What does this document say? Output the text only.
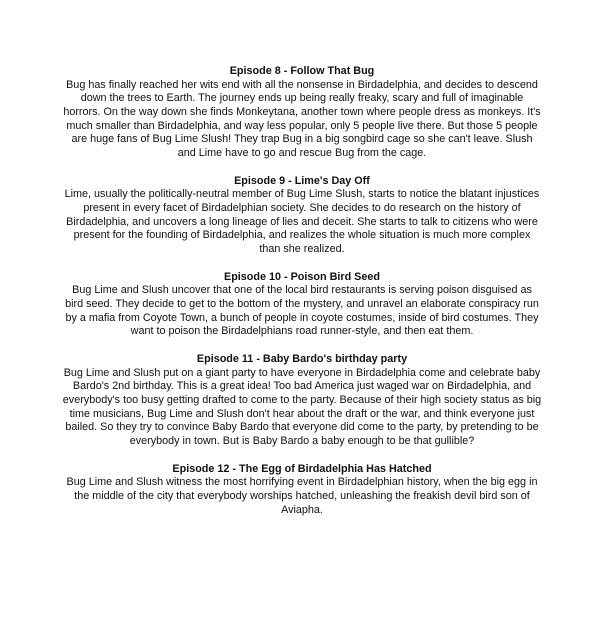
Episode 8 - Follow That Bug

Bug has finally reached her wits end with all the nonsense in Birdadelphia, and decides to descend down the trees to Earth. The journey ends up being really freaky, scary and full of imaginable horrors. On the way down she finds Monkeytana, another town where people dress as monkeys. It's much smaller than Birdadelphia, and way less popular, only 5 people live there. But those 5 people are huge fans of Bug Lime Slush! They trap Bug in a big songbird cage so she can't leave. Slush and Lime have to go and rescue Bug from the cage.

Episode 9 - Lime's Day Off

Lime, usually the politically-neutral member of Bug Lime Slush, starts to notice the blatant injustices present in every facet of Birdadelphian society. She decides to do research on the history of Birdadelphia, and uncovers a long lineage of lies and deceit. She starts to talk to citizens who were present for the founding of Birdadelphia, and realizes the whole situation is much more complex than she realized.

Episode 10 - Poison Bird Seed

Bug Lime and Slush uncover that one of the local bird restaurants is serving poison disguised as bird seed. They decide to get to the bottom of the mystery, and unravel an elaborate conspiracy run by a mafia from Coyote Town, a bunch of people in coyote costumes, inside of bird costumes. They want to poison the Birdadelphians road runner-style, and then eat them.

Episode 11 - Baby Bardo's birthday party

Bug Lime and Slush put on a giant party to have everyone in Birdadelphia come and celebrate baby Bardo's 2nd birthday. This is a great idea! Too bad America just waged war on Birdadelphia, and everybody's too busy getting drafted to come to the party. Because of their high society status as big time musicians, Bug Lime and Slush don't hear about the draft or the war, and think everyone just bailed. So they try to convince Baby Bardo that everyone did come to the party, by pretending to be everybody in town. But is Baby Bardo a baby enough to be that gullible?

Episode 12 - The Egg of Birdadelphia Has Hatched

Bug Lime and Slush witness the most horrifying event in Birdadelphian history, when the big egg in the middle of the city that everybody worships hatched, unleashing the freakish devil bird son of Aviapha.
